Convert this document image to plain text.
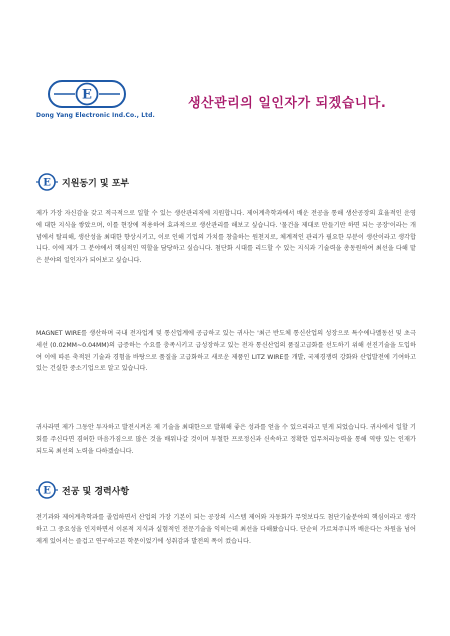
E
Dong Yang Electronic Ind.Co., Ltd.
생산관리의 일인자가 되겠습니다.
E 지원동기 및 포부

제가 가장 자신감을 갖고 적극적으로 일할 수 있는 생산관리직에 지원합니다. 제어계측학과에서 배운 전공을 통해 생산공장의 효율적인 운영에 대한 지식을 쌓았으며, 이를 현장에 적용하여 효과적으로 생산관리를 해보고 싶습니다. '물건을 제대로 만들기만 하면 되는 공장'이라는 개념에서 탈피해, 생산성을 최대한 향상시키고, 이로 인해 기업의 가치를 창출하는 원천지로, 체계적인 관리가 필요한 부분이 생산이라고 생각합니다. 이에 제가 그 분야에서 핵심적인 역할을 담당하고 싶습니다. 첨단화 시대를 리드할 수 있는 지식과 기술력을 총동원하여 최선을 다해 맡은 분야의 일인자가 되어보고 싶습니다.

MAGNET WIRE를 생산하며 국내 전자업계 및 통신업계에 공급하고 있는 귀사는 '최근 반도체 통신산업의 성장으로 특수에나멜동선 및 초극세선 (0.02MM~0.04MM)의 급증하는 수요를 충족시키고 급성장하고 있는 전자 통신산업의 품질고급화를 선도하기 위해 선진기술을 도입하여 이에 따른 축적된 기술과 경험을 바탕으로 품질을 고급화하고 새로운 제품인 LITZ WIRE를 개발, 국제경쟁력 강화와 산업발전에 기여하고 있는 건실한 중소기업으로 알고 있습니다.

귀사라면 제가 그동안 투자하고 발전시켜온 제 기술을 최대한으로 발휘해 좋은 성과를 얻을 수 있으리라고 믿게 되었습니다. 귀사에서 일할 기회를 주신다면 겸허한 마음가짐으로 많은 것을 배워나갈 것이며 투철한 프로정신과 신속하고 정확한 업무처리능력을 통해 역량 있는 인재가 되도록 최선의 노력을 다하겠습니다.

E 전공 및 경력사항

전기과와 제어계측학과를 졸업하면서 산업의 가장 기본이 되는 공장의 시스템 제어와 자동화가 무엇보다도 첨단기술분야의 핵심이라고 생각하고 그 중요성을 인지하면서 이론적 지식과 실험적인 전문기술을 익히는데 최선을 다해왔습니다. 단순히 가르쳐주니까 배운다는 차원을 넘어 제게 있어서는 즐겁고 연구하고픈 학문이었기에 성취감과 발전의 폭이 컸습니다.
